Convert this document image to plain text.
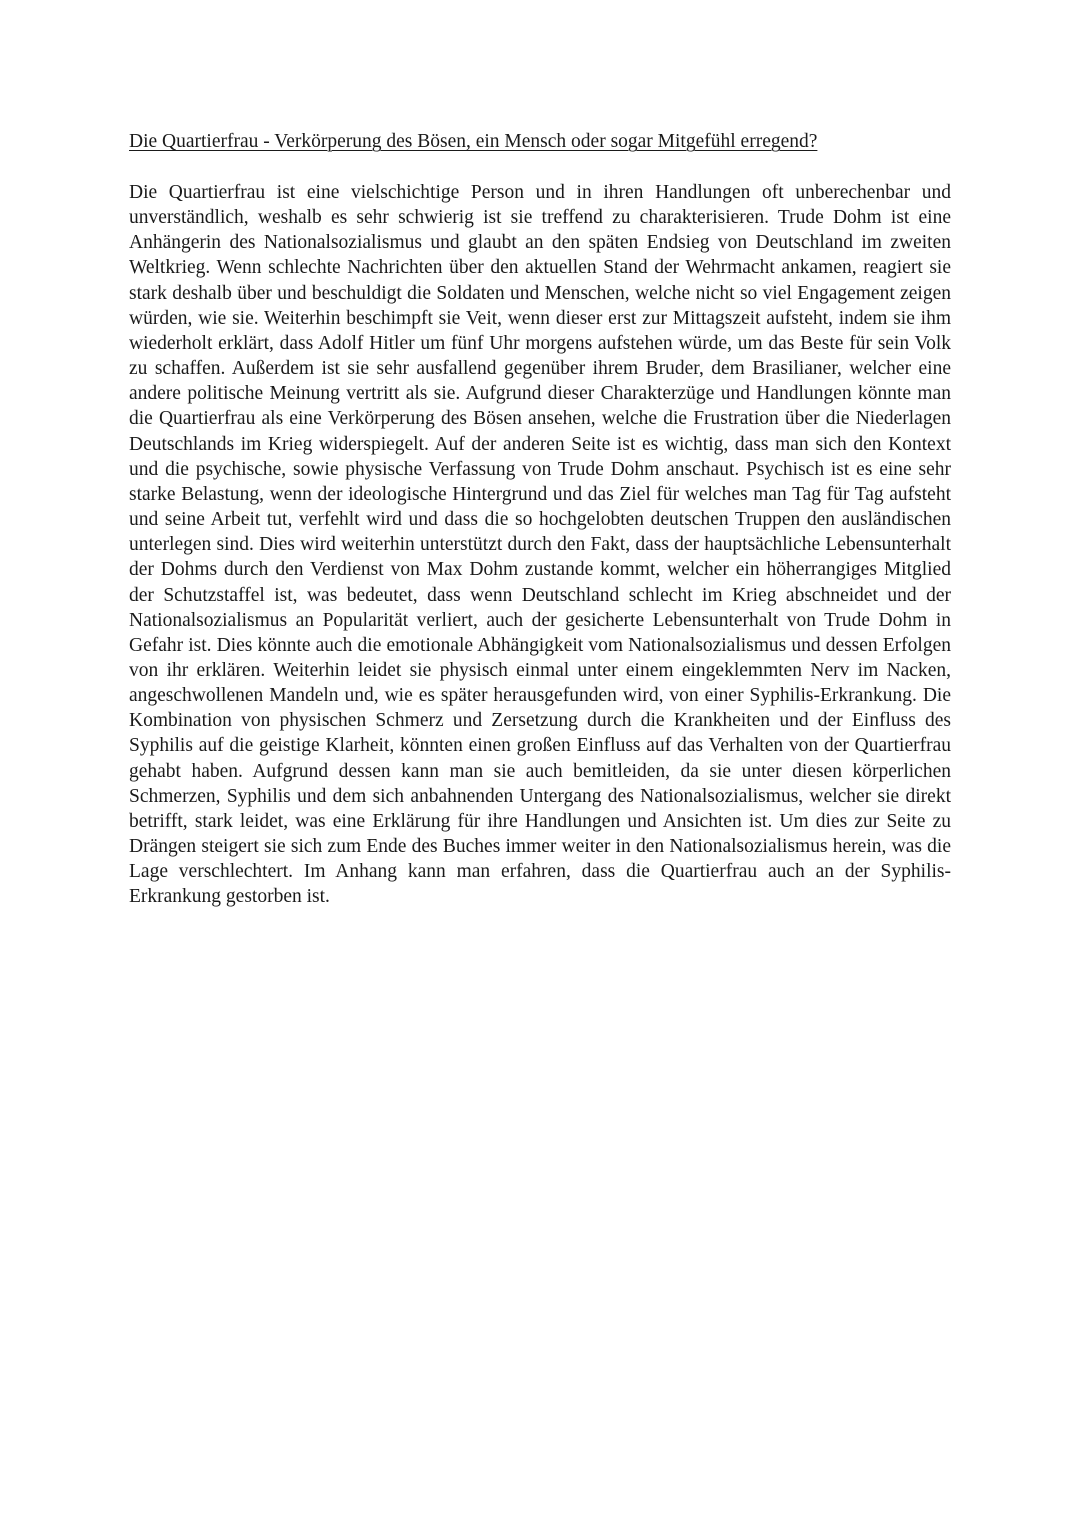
Die Quartierfrau - Verkörperung des Bösen, ein Mensch oder sogar Mitgefühl erregend?

Die Quartierfrau ist eine vielschichtige Person und in ihren Handlungen oft unberechenbar und unverständlich, weshalb es sehr schwierig ist sie treffend zu charakterisieren. Trude Dohm ist eine Anhängerin des Nationalsozialismus und glaubt an den späten Endsieg von Deutschland im zweiten Weltkrieg. Wenn schlechte Nachrichten über den aktuellen Stand der Wehrmacht ankamen, reagiert sie stark deshalb über und beschuldigt die Soldaten und Menschen, welche nicht so viel Engagement zeigen würden, wie sie. Weiterhin beschimpft sie Veit, wenn dieser erst zur Mittagszeit aufsteht, indem sie ihm wiederholt erklärt, dass Adolf Hitler um fünf Uhr morgens aufstehen würde, um das Beste für sein Volk zu schaffen. Außerdem ist sie sehr ausfallend gegenüber ihrem Bruder, dem Brasilianer, welcher eine andere politische Meinung vertritt als sie. Aufgrund dieser Charakterzüge und Handlungen könnte man die Quartierfrau als eine Verkörperung des Bösen ansehen, welche die Frustration über die Niederlagen Deutschlands im Krieg widerspiegelt. Auf der anderen Seite ist es wichtig, dass man sich den Kontext und die psychische, sowie physische Verfassung von Trude Dohm anschaut. Psychisch ist es eine sehr starke Belastung, wenn der ideologische Hintergrund und das Ziel für welches man Tag für Tag aufsteht und seine Arbeit tut, verfehlt wird und dass die so hochgelobten deutschen Truppen den ausländischen unterlegen sind. Dies wird weiterhin unterstützt durch den Fakt, dass der hauptsächliche Lebensunterhalt der Dohms durch den Verdienst von Max Dohm zustande kommt, welcher ein höherrangiges Mitglied der Schutzstaffel ist, was bedeutet, dass wenn Deutschland schlecht im Krieg abschneidet und der Nationalsozialismus an Popularität verliert, auch der gesicherte Lebensunterhalt von Trude Dohm in Gefahr ist. Dies könnte auch die emotionale Abhängigkeit vom Nationalsozialismus und dessen Erfolgen von ihr erklären. Weiterhin leidet sie physisch einmal unter einem eingeklemmten Nerv im Nacken, angeschwollenen Mandeln und, wie es später herausgefunden wird, von einer Syphilis-Erkrankung. Die Kombination von physischen Schmerz und Zersetzung durch die Krankheiten und der Einfluss des Syphilis auf die geistige Klarheit, könnten einen großen Einfluss auf das Verhalten von der Quartierfrau gehabt haben. Aufgrund dessen kann man sie auch bemitleiden, da sie unter diesen körperlichen Schmerzen, Syphilis und dem sich anbahnenden Untergang des Nationalsozialismus, welcher sie direkt betrifft, stark leidet, was eine Erklärung für ihre Handlungen und Ansichten ist. Um dies zur Seite zu Drängen steigert sie sich zum Ende des Buches immer weiter in den Nationalsozialismus herein, was die Lage verschlechtert. Im Anhang kann man erfahren, dass die Quartierfrau auch an der Syphilis-Erkrankung gestorben ist.
